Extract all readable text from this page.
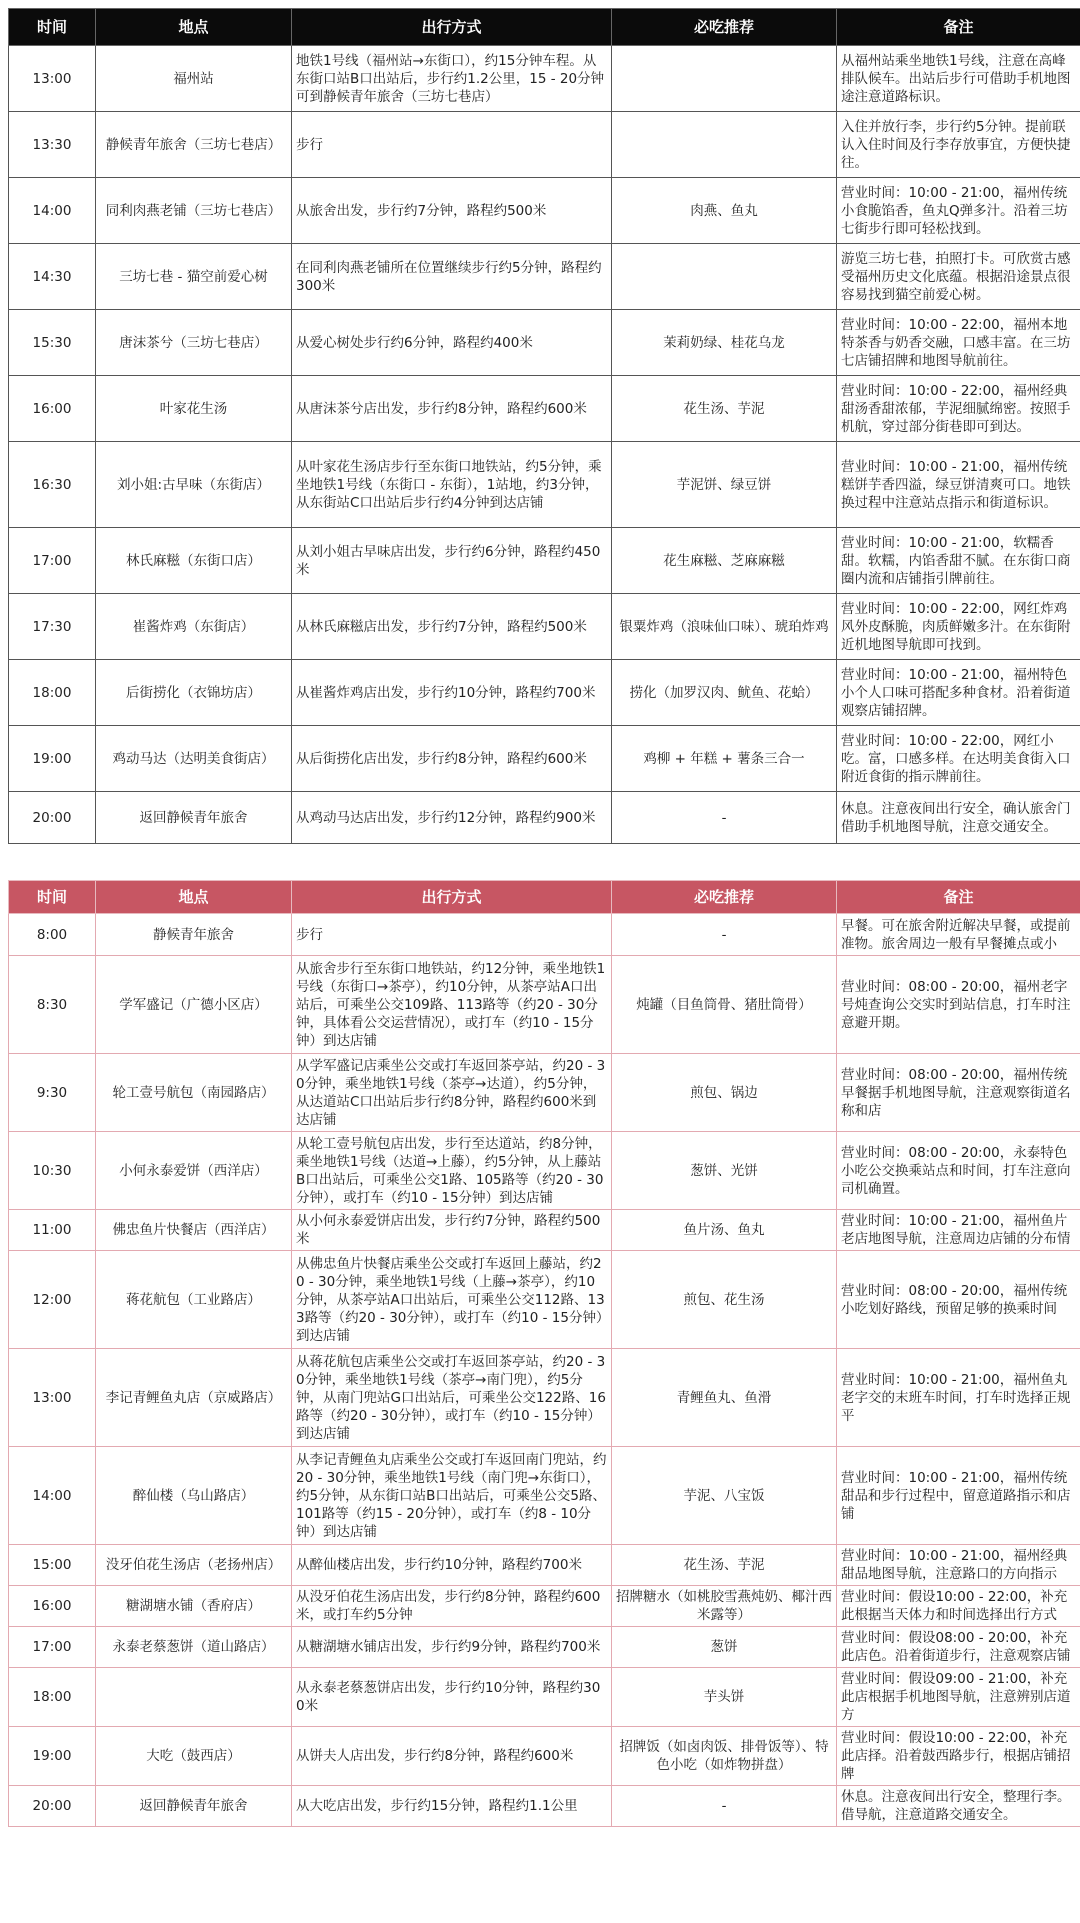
时间	地点	出行方式	必吃推荐	备注
13:00	福州站	地铁1号线（福州站→东街口），约15分钟车程。从东街口站B口出站后，步行约1.2公里，15 - 20分钟可到静候青年旅舍（三坊七巷店）		从福州站乘坐地铁1号线，注意在高峰排队候车。出站后步行可借助手机地图途注意道路标识。
13:30	静候青年旅舍（三坊七巷店）	步行		入住并放行李，步行约5分钟。提前联认入住时间及行李存放事宜，方便快捷往。
14:00	同利肉燕老铺（三坊七巷店）	从旅舍出发，步行约7分钟，路程约500米	肉燕、鱼丸	营业时间：10:00 - 21:00，福州传统小食脆馅香，鱼丸Q弹多汁。沿着三坊七街步行即可轻松找到。
14:30	三坊七巷 - 猫空前爱心树	在同利肉燕老铺所在位置继续步行约5分钟，路程约300米		游览三坊七巷，拍照打卡。可欣赏古感受福州历史文化底蕴。根据沿途景点很容易找到猫空前爱心树。
15:30	唐沫茶兮（三坊七巷店）	从爱心树处步行约6分钟，路程约400米	茉莉奶绿、桂花乌龙	营业时间：10:00 - 22:00，福州本地特茶香与奶香交融，口感丰富。在三坊七店铺招牌和地图导航前往。
16:00	叶家花生汤	从唐沫茶兮店出发，步行约8分钟，路程约600米	花生汤、芋泥	营业时间：10:00 - 22:00，福州经典甜汤香甜浓郁，芋泥细腻绵密。按照手机航，穿过部分街巷即可到达。
16:30	刘小姐:古早味（东街店）	从叶家花生汤店步行至东街口地铁站，约5分钟，乘坐地铁1号线（东街口 - 东街），1站地，约3分钟，从东街站C口出站后步行约4分钟到达店铺	芋泥饼、绿豆饼	营业时间：10:00 - 21:00，福州传统糕饼芋香四溢，绿豆饼清爽可口。地铁换过程中注意站点指示和街道标识。
17:00	林氏麻糍（东街口店）	从刘小姐古早味店出发，步行约6分钟，路程约450米	花生麻糍、芝麻麻糍	营业时间：10:00 - 21:00，软糯香甜。软糯，内馅香甜不腻。在东街口商圈内流和店铺指引牌前往。
17:30	崔酱炸鸡（东街店）	从林氏麻糍店出发，步行约7分钟，路程约500米	银粟炸鸡（浪味仙口味）、琥珀炸鸡	营业时间：10:00 - 22:00，网红炸鸡风外皮酥脆，肉质鲜嫩多汁。在东街附近机地图导航即可找到。
18:00	后街捞化（衣锦坊店）	从崔酱炸鸡店出发，步行约10分钟，路程约700米	捞化（加罗汉肉、鱿鱼、花蛤）	营业时间：10:00 - 21:00，福州特色小个人口味可搭配多种食材。沿着街道观察店铺招牌。
19:00	鸡动马达（达明美食街店）	从后街捞化店出发，步行约8分钟，路程约600米	鸡柳 + 年糕 + 薯条三合一	营业时间：10:00 - 22:00，网红小吃。富，口感多样。在达明美食街入口附近食街的指示牌前往。
20:00	返回静候青年旅舍	从鸡动马达店出发，步行约12分钟，路程约900米	-	休息。注意夜间出行安全，确认旅舍门借助手机地图导航，注意交通安全。
时间	地点	出行方式	必吃推荐	备注
8:00	静候青年旅舍	步行	-	早餐。可在旅舍附近解决早餐，或提前准物。旅舍周边一般有早餐摊点或小
8:30	学军盛记（广德小区店）	从旅舍步行至东街口地铁站，约12分钟，乘坐地铁1号线（东街口→茶亭），约10分钟，从茶亭站A口出站后，可乘坐公交109路、113路等（约20 - 30分钟，具体看公交运营情况），或打车（约10 - 15分钟）到达店铺	炖罐（目鱼筒骨、猪肚筒骨）	营业时间：08:00 - 20:00，福州老字号炖查询公交实时到站信息，打车时注意避开期。
9:30	轮工壹号航包（南园路店）	从学军盛记店乘坐公交或打车返回茶亭站，约20 - 30分钟，乘坐地铁1号线（茶亭→达道），约5分钟，从达道站C口出站后步行约8分钟，路程约600米到达店铺	煎包、锅边	营业时间：08:00 - 20:00，福州传统早餐据手机地图导航，注意观察街道名称和店
10:30	小何永泰爱饼（西洋店）	从轮工壹号航包店出发，步行至达道站，约8分钟，乘坐地铁1号线（达道→上藤），约5分钟，从上藤站B口出站后，可乘坐公交1路、105路等（约20 - 30分钟），或打车（约10 - 15分钟）到达店铺	葱饼、光饼	营业时间：08:00 - 20:00，永泰特色小吃公交换乘站点和时间，打车注意向司机确置。
11:00	佛忠鱼片快餐店（西洋店）	从小何永泰爱饼店出发，步行约7分钟，路程约500米	鱼片汤、鱼丸	营业时间：10:00 - 21:00，福州鱼片老店地图导航，注意周边店铺的分布情
12:00	蒋花航包（工业路店）	从佛忠鱼片快餐店乘坐公交或打车返回上藤站，约20 - 30分钟，乘坐地铁1号线（上藤→茶亭），约10分钟，从茶亭站A口出站后，可乘坐公交112路、133路等（约20 - 30分钟），或打车（约10 - 15分钟）到达店铺	煎包、花生汤	营业时间：08:00 - 20:00，福州传统小吃划好路线，预留足够的换乘时间
13:00	李记青鲤鱼丸店（京威路店）	从蒋花航包店乘坐公交或打车返回茶亭站，约20 - 30分钟，乘坐地铁1号线（茶亭→南门兜），约5分钟，从南门兜站G口出站后，可乘坐公交122路、16路等（约20 - 30分钟），或打车（约10 - 15分钟）到达店铺	青鲤鱼丸、鱼滑	营业时间：10:00 - 21:00，福州鱼丸老字交的末班车时间，打车时选择正规平
14:00	醉仙楼（乌山路店）	从李记青鲤鱼丸店乘坐公交或打车返回南门兜站，约20 - 30分钟，乘坐地铁1号线（南门兜→东街口），约5分钟，从东街口站B口出站后，可乘坐公交5路、101路等（约15 - 20分钟），或打车（约8 - 10分钟）到达店铺	芋泥、八宝饭	营业时间：10:00 - 21:00，福州传统甜品和步行过程中，留意道路指示和店铺
15:00	没牙伯花生汤店（老扬州店）	从醉仙楼店出发，步行约10分钟，路程约700米	花生汤、芋泥	营业时间：10:00 - 21:00，福州经典甜品地图导航，注意路口的方向指示
16:00	糖湖塘水铺（香府店）	从没牙伯花生汤店出发，步行约8分钟，路程约600米，或打车约5分钟	招牌糖水（如桃胶雪燕炖奶、椰汁西米露等）	营业时间：假设10:00 - 22:00，补充此根据当天体力和时间选择出行方式
17:00	永泰老蔡葱饼（道山路店）	从糖湖塘水铺店出发，步行约9分钟，路程约700米	葱饼	营业时间：假设08:00 - 20:00，补充此店色。沿着街道步行，注意观察店铺
18:00		从永泰老蔡葱饼店出发，步行约10分钟，路程约300米	芋头饼	营业时间：假设09:00 - 21:00，补充此店根据手机地图导航，注意辨别店道方
19:00	大吃（鼓西店）	从饼夫人店出发，步行约8分钟，路程约600米	招牌饭（如卤肉饭、排骨饭等）、特色小吃（如炸物拼盘）	营业时间：假设10:00 - 22:00，补充此店择。沿着鼓西路步行，根据店铺招牌
20:00	返回静候青年旅舍	从大吃店出发，步行约15分钟，路程约1.1公里	-	休息。注意夜间出行安全，整理行李。借导航，注意道路交通安全。
